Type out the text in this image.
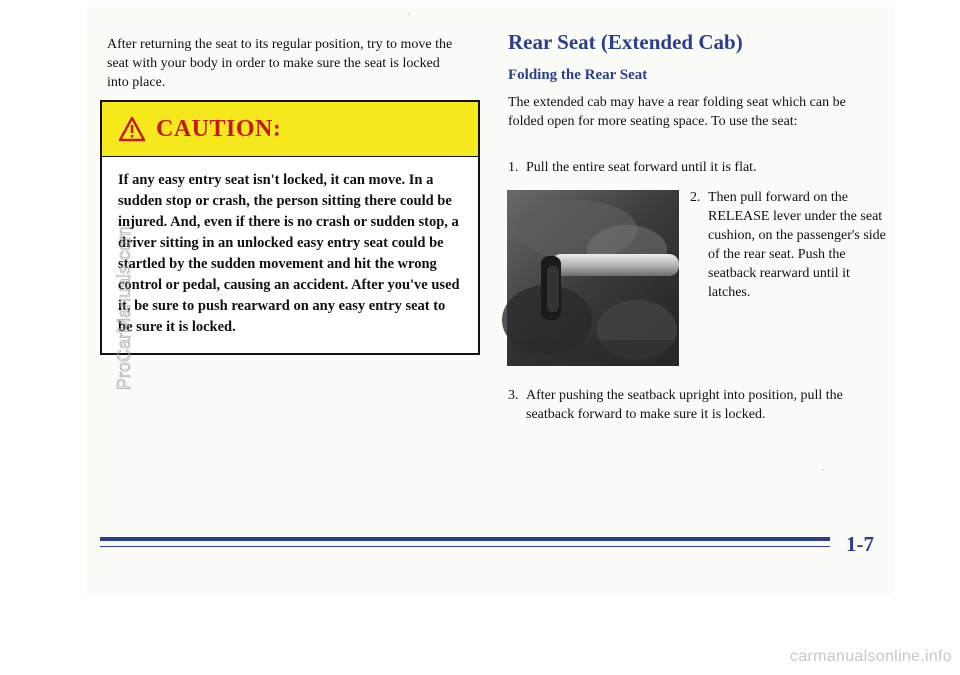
After returning the seat to its regular position, try to move the seat with your body in order to make sure the seat is locked into place.
CAUTION:
If any easy entry seat isn't locked, it can move. In a sudden stop or crash, the person sitting there could be injured. And, even if there is no crash or sudden stop, a driver sitting in an unlocked easy entry seat could be startled by the sudden movement and hit the wrong control or pedal, causing an accident. After you've used it, be sure to push rearward on any easy entry seat to be sure it is locked.
Rear Seat (Extended Cab)
Folding the Rear Seat
The extended cab may have a rear folding seat which can be folded open for more seating space. To use the seat:
1. Pull the entire seat forward until it is flat.
2. Then pull forward on the RELEASE lever under the seat cushion, on the passenger's side of the rear seat. Push the seatback rearward until it latches.
3. After pushing the seatback upright into position, pull the seatback forward to make sure it is locked.
1-7
‚
.
ProCarManuals.com
carmanualsonline.info
